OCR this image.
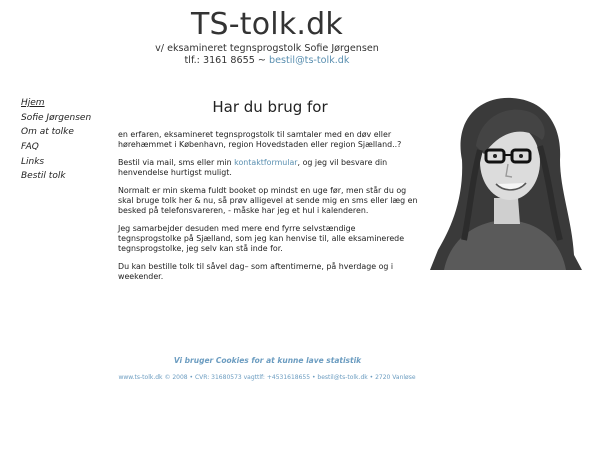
TS-tolk.dk
v/ eksamineret tegnsprogstolk Sofie Jørgensen
tlf.: 3161 8655 ~ bestil@ts-tolk.dk
Hjem
Sofie Jørgensen
Om at tolke
FAQ
Links
Bestil tolk
Har du brug for

en erfaren, eksamineret tegnsprogstolk til samtaler med en døv eller hørehæmmet i København, region Hovedstaden eller region Sjælland..?

Bestil via mail, sms eller min kontaktformular, og jeg vil besvare din henvendelse hurtigst muligt.

Normalt er min skema fuldt booket op mindst en uge før, men står du og skal bruge tolk her & nu, så prøv alligevel at sende mig en sms eller læg en besked på telefonsvareren, - måske har jeg et hul i kalenderen.

Jeg samarbejder desuden med mere end fyrre selvstændige tegnsprogstolke på Sjælland, som jeg kan henvise til, alle eksaminerede tegnsprogstolke, jeg selv kan stå inde for.

Du kan bestille tolk til såvel dag– som aftentimerne, på hverdage og i weekender.

Vi bruger Cookies for at kunne lave statistik
www.ts-tolk.dk © 2008 • CVR: 31680573 vagttlf: +4531618655 • bestil@ts-tolk.dk • 2720 Vanløse
